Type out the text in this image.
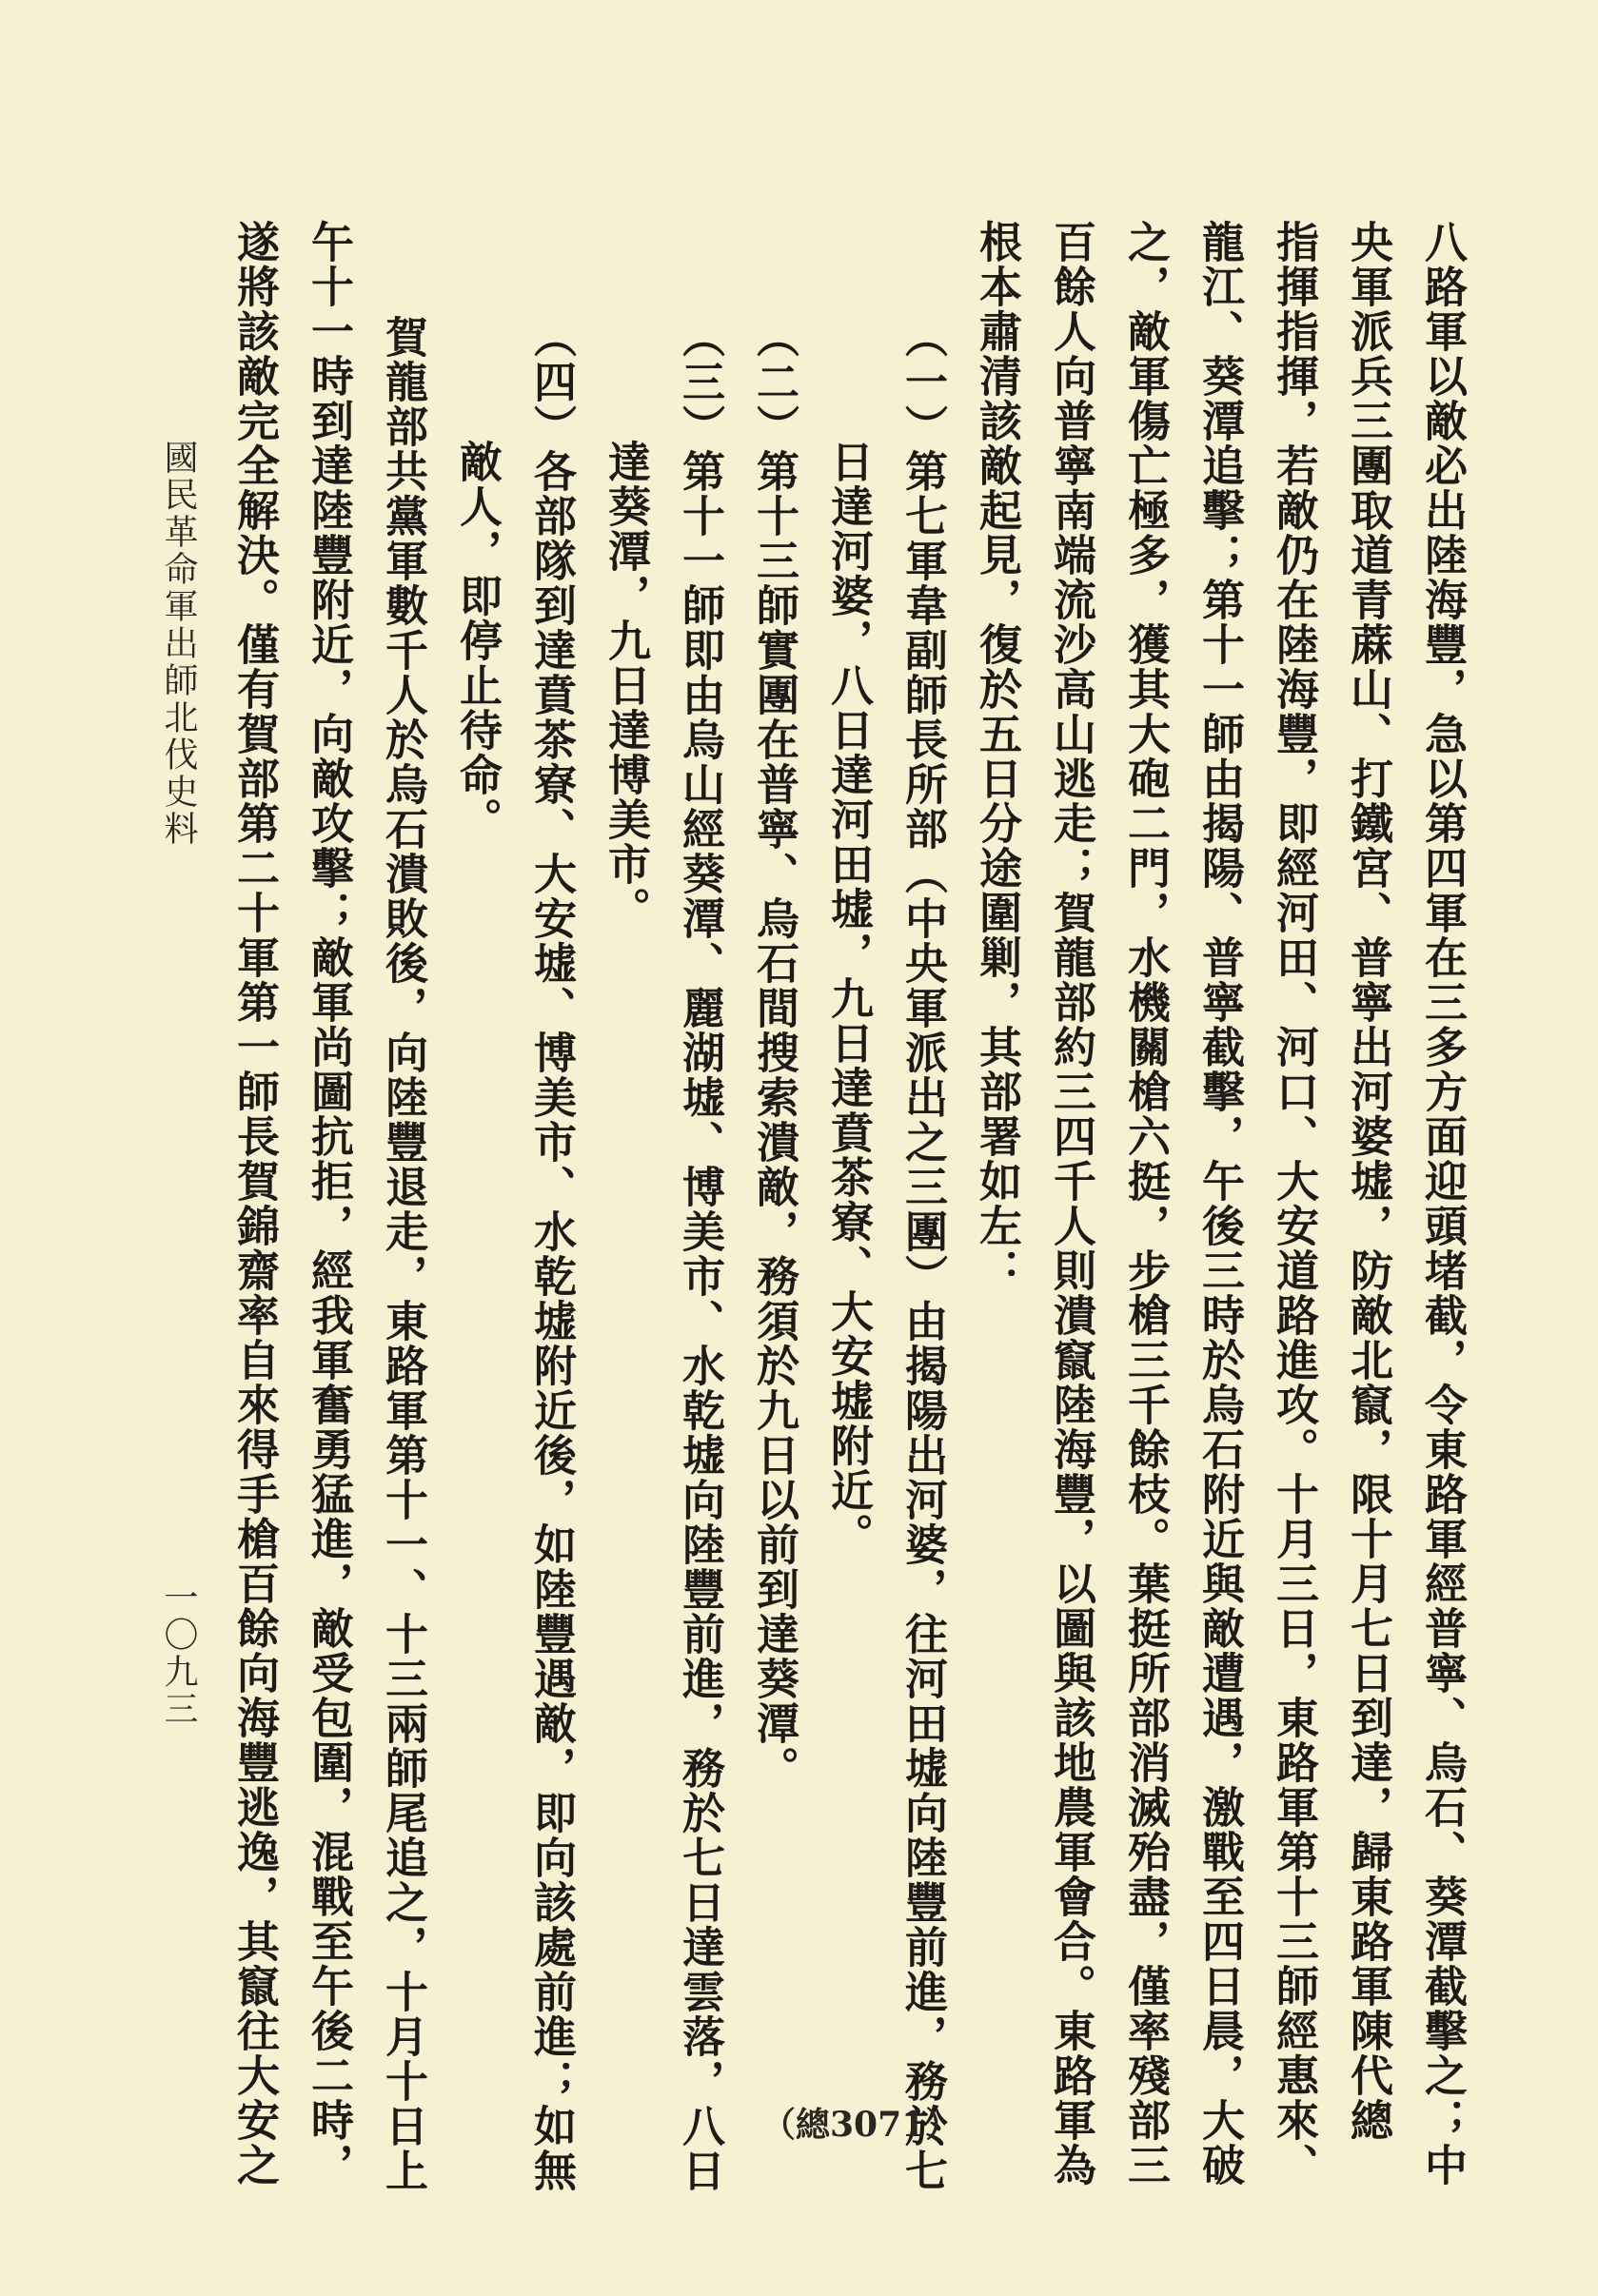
八路軍以敵必出陸海豐，急以第四軍在三多方面迎頭堵截，令東路軍經普寧、烏石、葵潭截擊之；中
央軍派兵三團取道青蔴山、打鐵宮、普寧出河婆墟，防敵北竄，限十月七日到達，歸東路軍陳代總
指揮指揮，若敵仍在陸海豐，即經河田、河口、大安道路進攻。十月三日，東路軍第十三師經惠來、
龍江、葵潭追擊；第十一師由揭陽、普寧截擊，午後三時於烏石附近與敵遭遇，激戰至四日晨，大破
之，敵軍傷亡極多，獲其大砲二門，水機關槍六挺，步槍三千餘枝。葉挺所部消滅殆盡，僅率殘部三
百餘人向普寧南端流沙高山逃走；賀龍部約三四千人則潰竄陸海豐，以圖與該地農軍會合。東路軍為
根本肅清該敵起見，復於五日分途圍剿，其部署如左：
（一）第七軍韋副師長所部（中央軍派出之三團）由揭陽出河婆，往河田墟向陸豐前進，務於七
日達河婆，八日達河田墟，九日達賁茶寮、大安墟附近。
（二）第十三師實團在普寧、烏石間搜索潰敵，務須於九日以前到達葵潭。
（三）第十一師即由烏山經葵潭、麗湖墟、博美市、水乾墟向陸豐前進，務於七日達雲落，八日
達葵潭，九日達博美市。
（四）各部隊到達賁茶寮、大安墟、博美市、水乾墟附近後，如陸豐遇敵，即向該處前進；如無
敵人，即停止待命。
賀龍部共黨軍數千人於烏石潰敗後，向陸豐退走，東路軍第十一、十三兩師尾追之，十月十日上
午十一時到達陸豐附近，向敵攻擊；敵軍尚圖抗拒，經我軍奮勇猛進，敵受包圍，混戰至午後二時，
遂將該敵完全解決。僅有賀部第二十軍第一師長賀錦齋率自來得手槍百餘向海豐逃逸，其竄往大安之
國民革命軍出師北伐史料
一〇九三
（總3071）
